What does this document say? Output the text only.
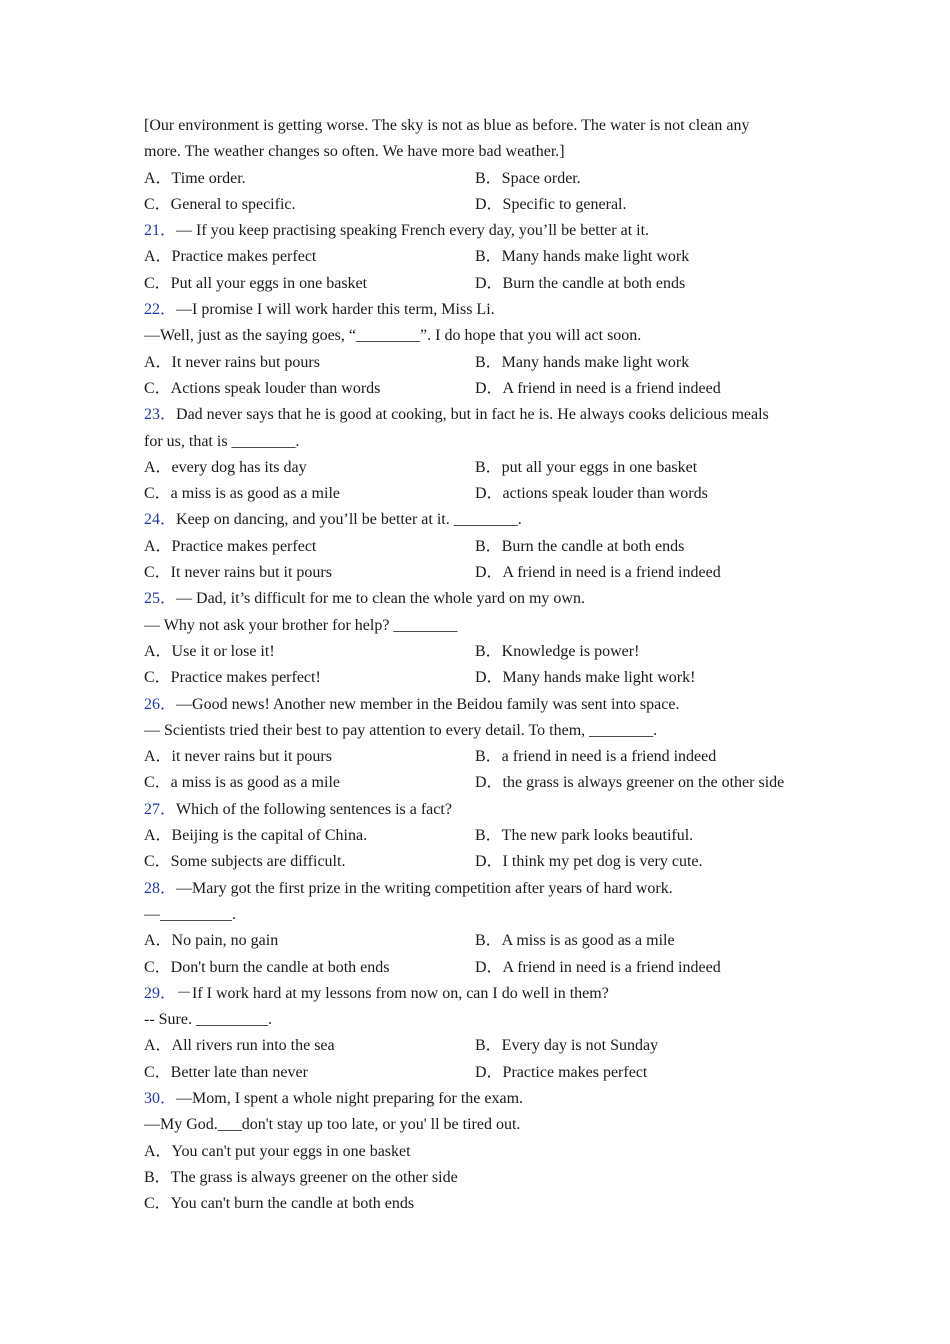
[Our environment is getting worse. The sky is not as blue as before. The water is not clean any
more. The weather changes so often. We have more bad weather.]
A．Time order.	B．Space order.
C．General to specific.	D．Specific to general.
21．— If you keep practising speaking French every day, you’ll be better at it.
A．Practice makes perfect	B．Many hands make light work
C．Put all your eggs in one basket	D．Burn the candle at both ends
22．—I promise I will work harder this term, Miss Li.
—Well, just as the saying goes, “________”. I do hope that you will act soon.
A．It never rains but pours	B．Many hands make light work
C．Actions speak louder than words	D．A friend in need is a friend indeed
23．Dad never says that he is good at cooking, but in fact he is. He always cooks delicious meals
for us, that is ________.
A．every dog has its day	B．put all your eggs in one basket
C．a miss is as good as a mile	D．actions speak louder than words
24．Keep on dancing, and you’ll be better at it. ________.
A．Practice makes perfect	B．Burn the candle at both ends
C．It never rains but it pours	D．A friend in need is a friend indeed
25．— Dad, it’s difficult for me to clean the whole yard on my own.
— Why not ask your brother for help? ________
A．Use it or lose it!	B．Knowledge is power!
C．Practice makes perfect!	D．Many hands make light work!
26．—Good news! Another new member in the Beidou family was sent into space.
— Scientists tried their best to pay attention to every detail. To them, ________.
A．it never rains but it pours	B．a friend in need is a friend indeed
C．a miss is as good as a mile	D．the grass is always greener on the other side
27．Which of the following sentences is a fact?
A．Beijing is the capital of China.	B．The new park looks beautiful.
C．Some subjects are difficult.	D．I think my pet dog is very cute.
28．—Mary got the first prize in the writing competition after years of hard work.
—_________.
A．No pain, no gain	B．A miss is as good as a mile
C．Don't burn the candle at both ends	D．A friend in need is a friend indeed
29．－If I work hard at my lessons from now on, can I do well in them?
-- Sure. _________.
A．All rivers run into the sea	B．Every day is not Sunday
C．Better late than never	D．Practice makes perfect
30．—Mom, I spent a whole night preparing for the exam.
—My God.___don't stay up too late, or you' ll be tired out.
A．You can't put your eggs in one basket
B．The grass is always greener on the other side
C．You can't burn the candle at both ends
